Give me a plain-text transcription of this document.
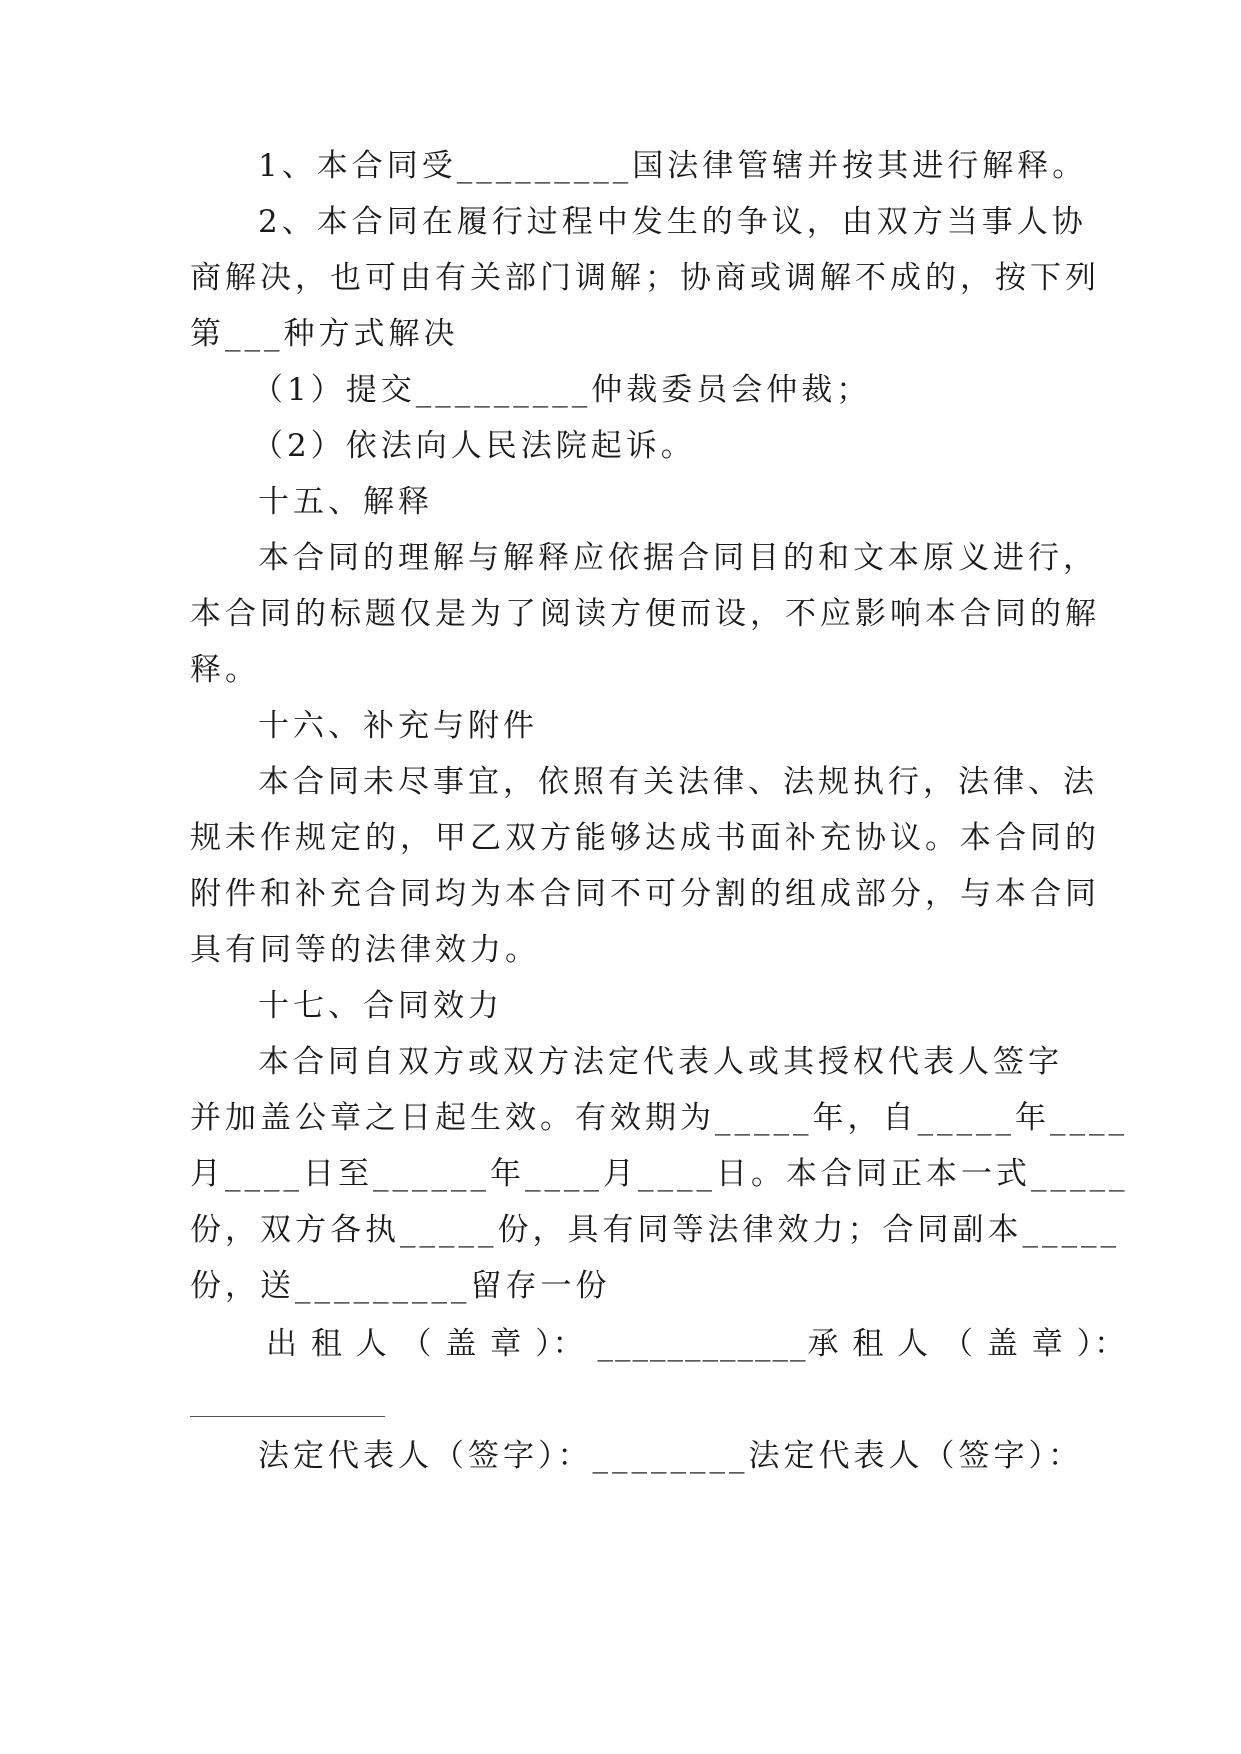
1、本合同受_________国法律管辖并按其进行解释。
2、本合同在履行过程中发生的争议，由双方当事人协
商解决，也可由有关部门调解；协商或调解不成的，按下列
第___种方式解决
（1）提交_________仲裁委员会仲裁；
（2）依法向人民法院起诉。
十五、解释
本合同的理解与解释应依据合同目的和文本原义进行，
本合同的标题仅是为了阅读方便而设，不应影响本合同的解
释。
十六、补充与附件
本合同未尽事宜，依照有关法律、法规执行，法律、法
规未作规定的，甲乙双方能够达成书面补充协议。本合同的
附件和补充合同均为本合同不可分割的组成部分，与本合同
具有同等的法律效力。
十七、合同效力
本合同自双方或双方法定代表人或其授权代表人签字
并加盖公章之日起生效。有效期为_____年，自_____年____
月____日至______年____月____日。本合同正本一式_____
份，双方各执_____份，具有同等法律效力；合同副本_____
份，送_________留存一份
出 租 人 （ 盖 章 ）： ____________承 租 人 （ 盖 章 ）：
法定代表人（签字）：________法定代表人（签字）：
